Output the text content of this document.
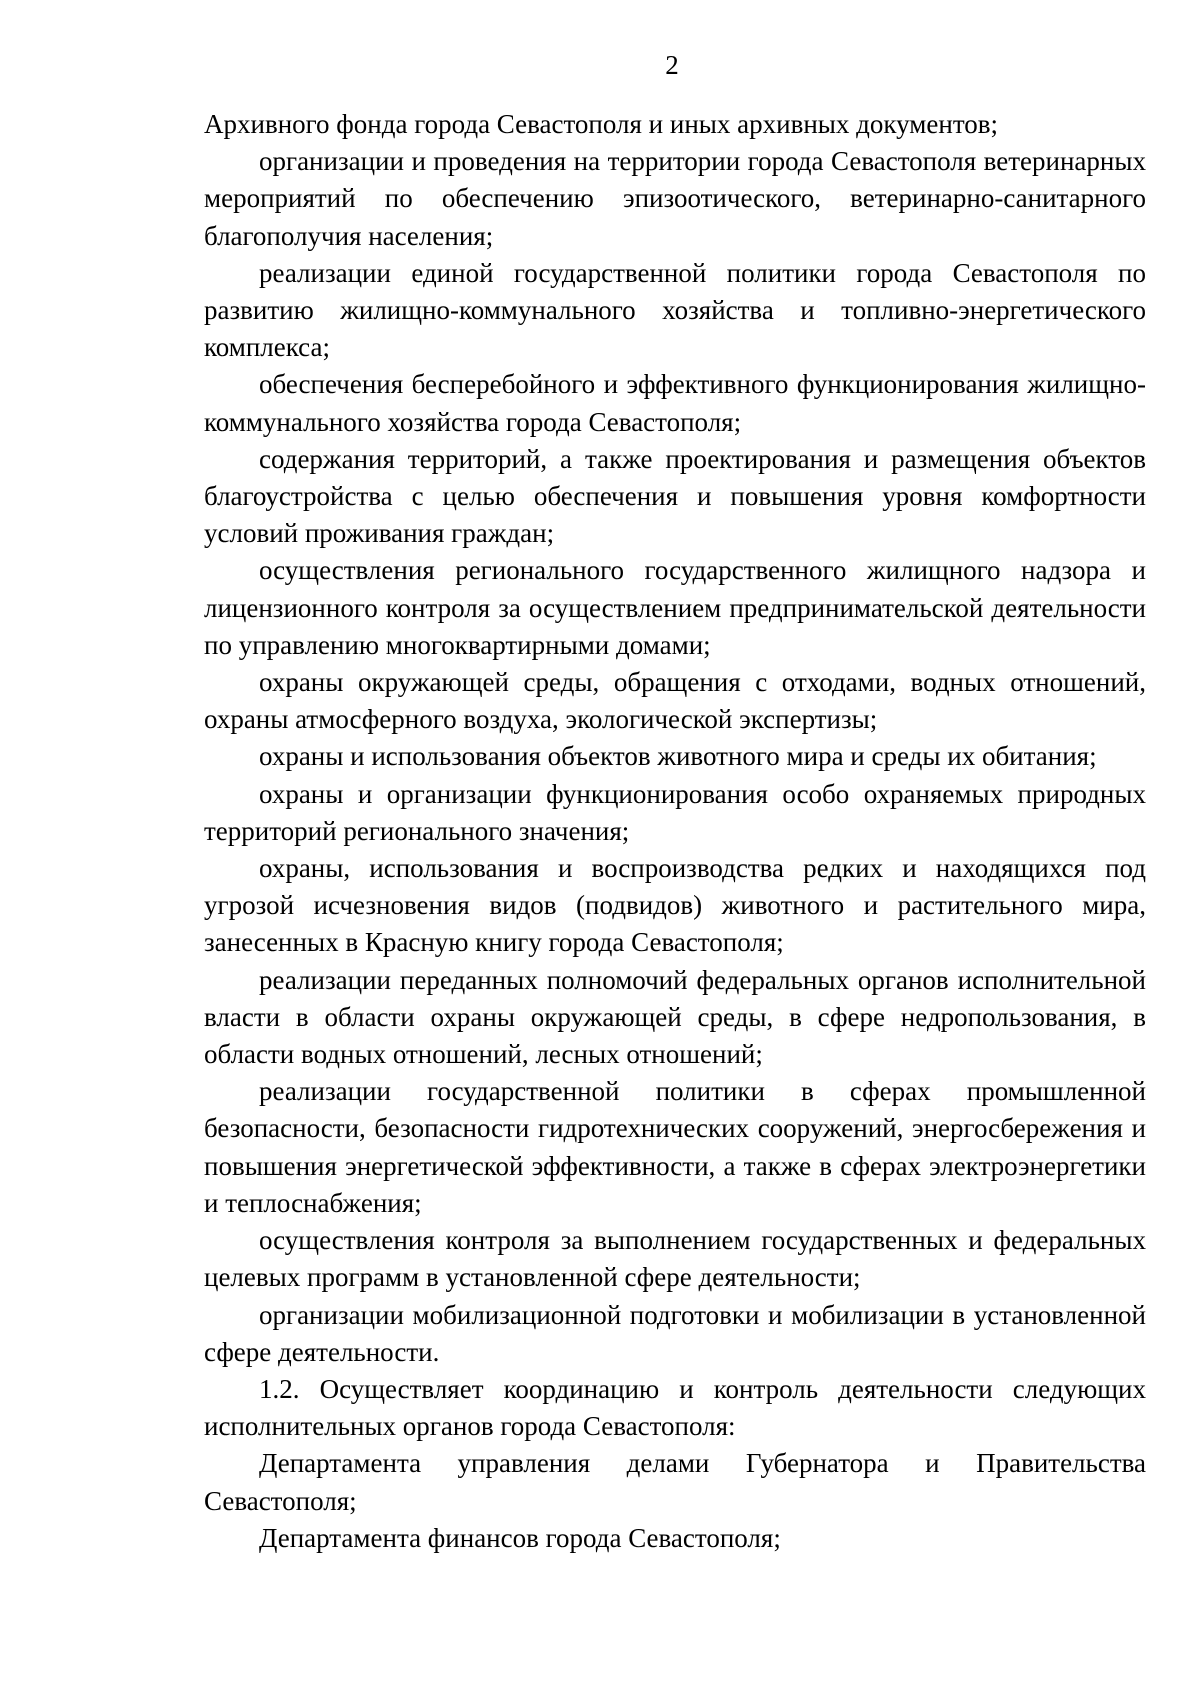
2

Архивного фонда города Севастополя и иных архивных документов;

организации и проведения на территории города Севастополя ветеринарных мероприятий по обеспечению эпизоотического, ветеринарно-санитарного благополучия населения;

реализации единой государственной политики города Севастополя по развитию жилищно-коммунального хозяйства и топливно-энергетического комплекса;

обеспечения бесперебойного и эффективного функционирования жилищно-коммунального хозяйства города Севастополя;

содержания территорий, а также проектирования и размещения объектов благоустройства с целью обеспечения и повышения уровня комфортности условий проживания граждан;

осуществления регионального государственного жилищного надзора и лицензионного контроля за осуществлением предпринимательской деятельности по управлению многоквартирными домами;

охраны окружающей среды, обращения с отходами, водных отношений, охраны атмосферного воздуха, экологической экспертизы;

охраны и использования объектов животного мира и среды их обитания;

охраны и организации функционирования особо охраняемых природных территорий регионального значения;

охраны, использования и воспроизводства редких и находящихся под угрозой исчезновения видов (подвидов) животного и растительного мира, занесенных в Красную книгу города Севастополя;

реализации переданных полномочий федеральных органов исполнительной власти в области охраны окружающей среды, в сфере недропользования, в области водных отношений, лесных отношений;

реализации государственной политики в сферах промышленной безопасности, безопасности гидротехнических сооружений, энергосбережения и повышения энергетической эффективности, а также в сферах электроэнергетики и теплоснабжения;

осуществления контроля за выполнением государственных и федеральных целевых программ в установленной сфере деятельности;

организации мобилизационной подготовки и мобилизации в установленной сфере деятельности.

1.2. Осуществляет координацию и контроль деятельности следующих исполнительных органов города Севастополя:

Департамента управления делами Губернатора и Правительства Севастополя;

Департамента финансов города Севастополя;
